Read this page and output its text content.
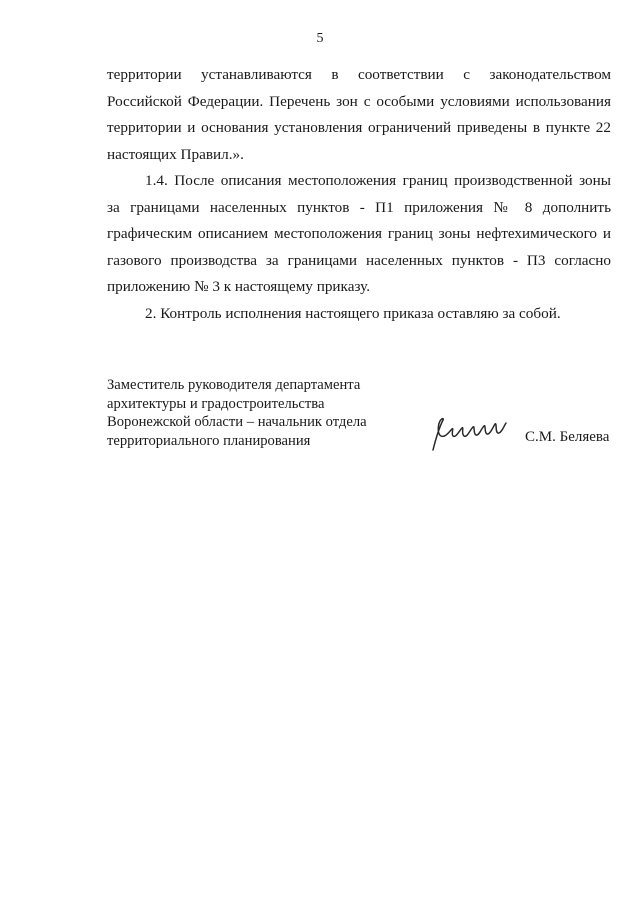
5

территории устанавливаются в соответствии с законодательством Российской Федерации. Перечень зон с особыми условиями использования территории и основания установления ограничений приведены в пункте 22 настоящих Правил.».

1.4. После описания местоположения границ производственной зоны за границами населенных пунктов - П1 приложения № 8 дополнить графическим описанием местоположения границ зоны нефтехимического и газового производства за границами населенных пунктов - П3 согласно приложению № 3 к настоящему приказу.

2. Контроль исполнения настоящего приказа оставляю за собой.

Заместитель руководителя департамента
архитектуры и градостроительства
Воронежской области – начальник отдела
территориального планирования	С.М. Беляева
